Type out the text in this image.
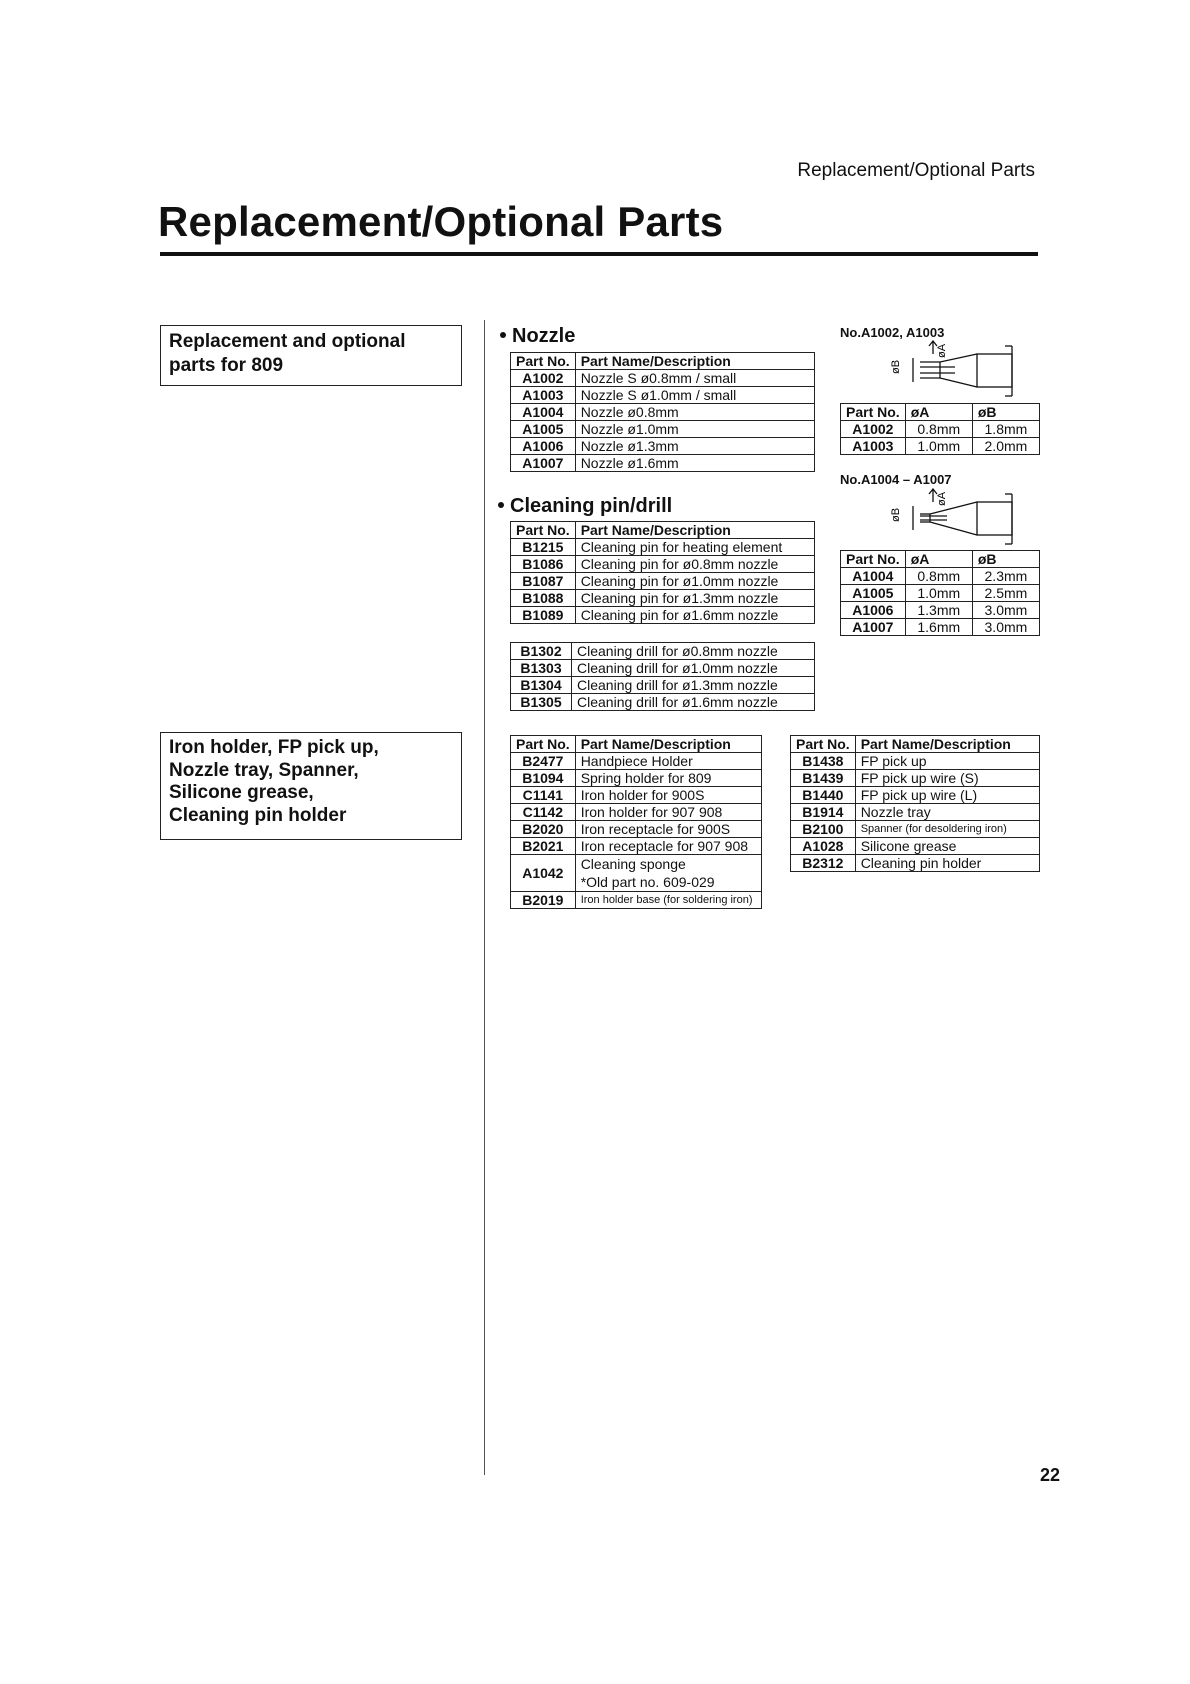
Replacement/Optional Parts
Replacement/Optional Parts
Replacement and optional
parts for 809
Iron holder, FP pick up,
Nozzle tray, Spanner,
Silicone grease,
Cleaning pin holder
Nozzle
Part No.	Part Name/Description
A1002	Nozzle S ø0.8mm / small
A1003	Nozzle S ø1.0mm / small
A1004	Nozzle ø0.8mm
A1005	Nozzle ø1.0mm
A1006	Nozzle ø1.3mm
A1007	Nozzle ø1.6mm
Cleaning pin/drill
Part No.	Part Name/Description
B1215	Cleaning pin for heating element
B1086	Cleaning pin for ø0.8mm nozzle
B1087	Cleaning pin for ø1.0mm nozzle
B1088	Cleaning pin for ø1.3mm nozzle
B1089	Cleaning pin for ø1.6mm nozzle
B1302	Cleaning drill for ø0.8mm nozzle
B1303	Cleaning drill for ø1.0mm nozzle
B1304	Cleaning drill for ø1.3mm nozzle
B1305	Cleaning drill for ø1.6mm nozzle
No.A1002, A1003
øB
øA
Part No.	øA	øB
A1002	0.8mm	1.8mm
A1003	1.0mm	2.0mm
No.A1004 – A1007
øB
øA
Part No.	øA	øB
A1004	0.8mm	2.3mm
A1005	1.0mm	2.5mm
A1006	1.3mm	3.0mm
A1007	1.6mm	3.0mm
Part No.	Part Name/Description
B2477	Handpiece Holder
B1094	Spring holder for 809
C1141	Iron holder for 900S
C1142	Iron holder for 907 908
B2020	Iron receptacle for 900S
B2021	Iron receptacle for 907 908
A1042	Cleaning sponge
*Old part no. 609-029

B2019	Iron holder base (for soldering iron)
Part No.	Part Name/Description
B1438	FP pick up
B1439	FP pick up wire (S)
B1440	FP pick up wire (L)
B1914	Nozzle tray
B2100	Spanner (for desoldering iron)
A1028	Silicone grease
B2312	Cleaning pin holder
22
